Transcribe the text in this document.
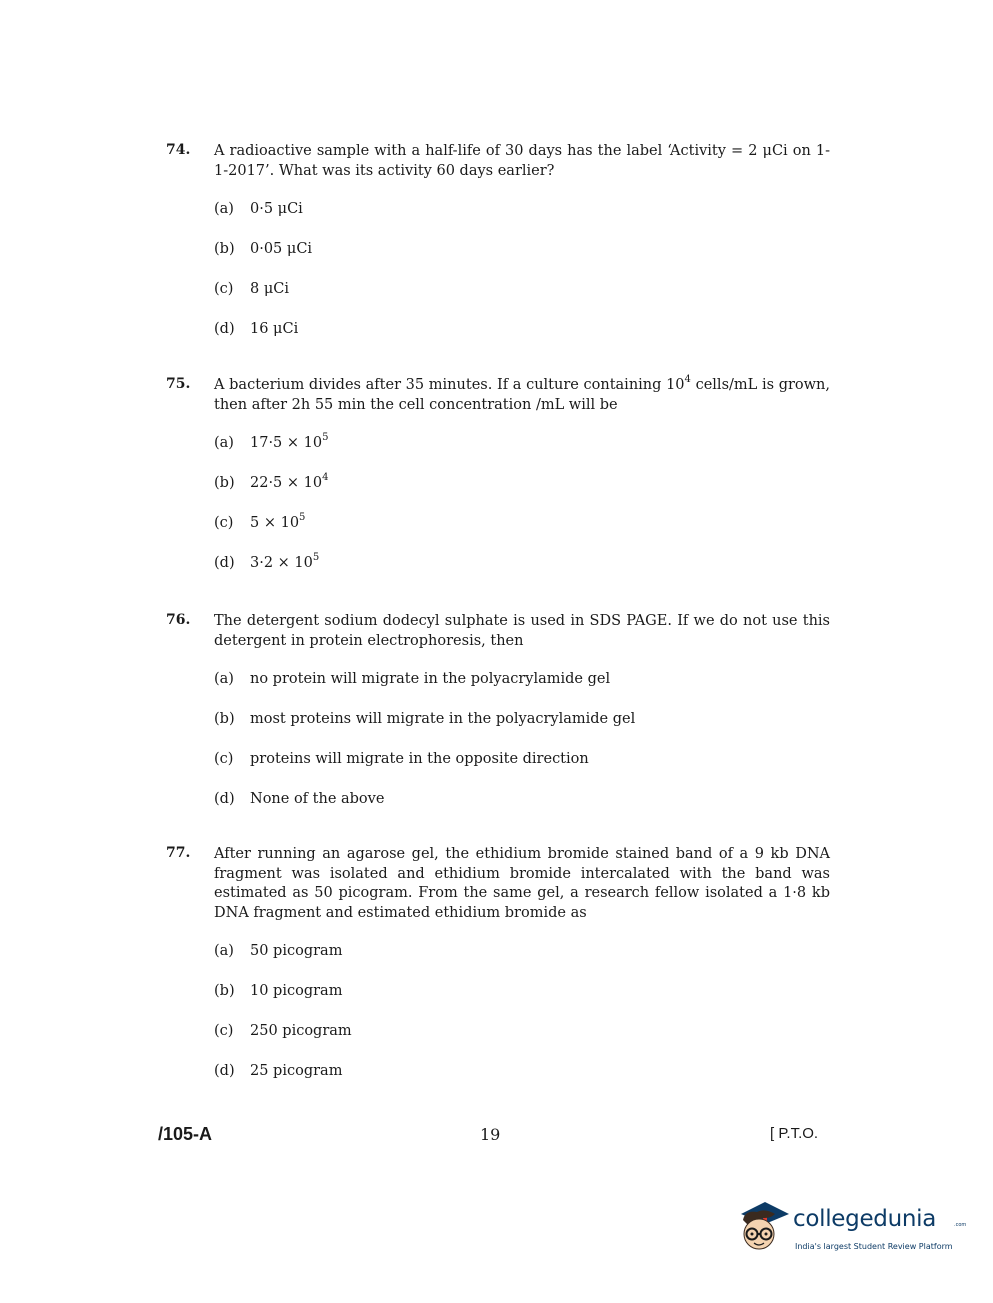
74. A radioactive sample with a half-life of 30 days has the label ‘Activity = 2 μCi on 1-1-2017’. What was its activity 60 days earlier?
(a) 0·5 μCi
(b) 0·05 μCi
(c) 8 μCi
(d) 16 μCi
75. A bacterium divides after 35 minutes. If a culture containing $10^4$ cells/mL is grown, then after 2h 55 min the cell concentration /mL will be
(a) $17\cdot 5 \times 10^5$
(b) $22\cdot 5 \times 10^4$
(c) $5 \times 10^5$
(d) $3\cdot 2 \times 10^5$
76. The detergent sodium dodecyl sulphate is used in SDS PAGE. If we do not use this detergent in protein electrophoresis, then
(a) no protein will migrate in the polyacrylamide gel
(b) most proteins will migrate in the polyacrylamide gel
(c) proteins will migrate in the opposite direction
(d) None of the above
77. After running an agarose gel, the ethidium bromide stained band of a 9 kb DNA fragment was isolated and ethidium bromide intercalated with the band was estimated as 50 picogram. From the same gel, a research fellow isolated a 1·8 kb DNA fragment and estimated ethidium bromide as
(a) 50 picogram
(b) 10 picogram
(c) 250 picogram
(d) 25 picogram
/105-A	19	[ P.T.O.
collegedunia	.com
India's largest Student Review Platform
